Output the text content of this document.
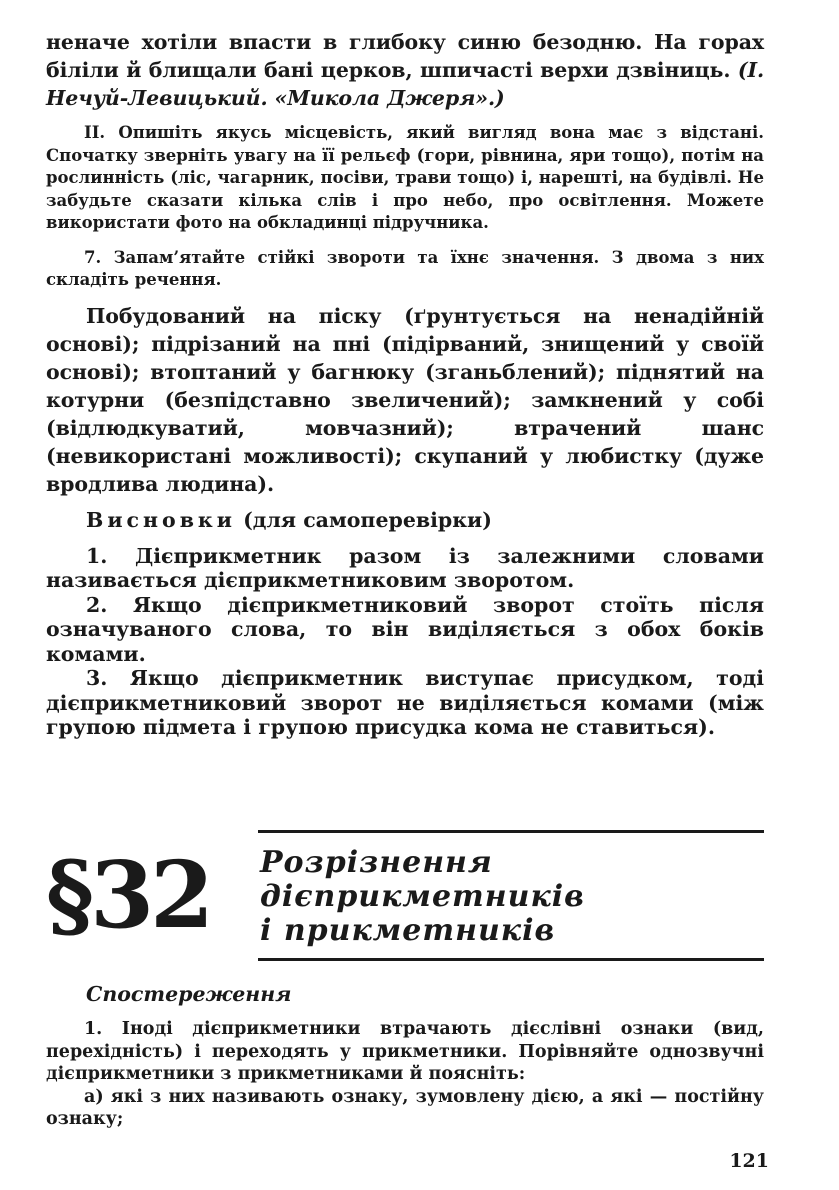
неначе хотіли впасти в глибоку синю безодню. На горах біліли й блищали бані церков, шпичасті верхи дзвіниць. (І. Нечуй-Левицький. «Микола Джеря».)

II. Опишіть якусь місцевість, який вигляд вона має з відстані. Спочатку зверніть увагу на її рельєф (гори, рівнина, яри тощо), потім на рослинність (ліс, чагарник, посіви, трави тощо) і, нарешті, на будівлі. Не забудьте сказати кілька слів і про небо, про освітлення. Можете використати фото на обкладинці підручника.

7. Запам’ятайте стійкі звороти та їхнє значення. З двома з них складіть речення.

Побудований на піску (ґрунтується на ненадійній основі); підрізаний на пні (підірваний, знищений у своїй основі); втоптаний у багнюку (зганьблений); піднятий на котурни (безпідставно звеличений); замкнений у собі (відлюдкуватий, мовчазний); втрачений шанс (невикористані можливості); скупаний у любистку (дуже вродлива людина).

Висновки (для самоперевірки)

1. Дієприкметник разом із залежними словами називається дієприкметниковим зворотом.

2. Якщо дієприкметниковий зворот стоїть після означуваного слова, то він виділяється з обох боків комами.

3. Якщо дієприкметник виступає присудком, тоді дієприкметниковий зворот не виділяється комами (між групою підмета і групою присудка кома не ставиться).

§32 Розрізнення
дієприкметників
і прикметників

Спостереження

1. Іноді дієприкметники втрачають дієслівні ознаки (вид, перехідність) і переходять у прикметники. Порівняйте однозвучні дієприкметники з прикметниками й поясніть:

а) які з них називають ознаку, зумовлену дією, а які — постійну ознаку;

121
